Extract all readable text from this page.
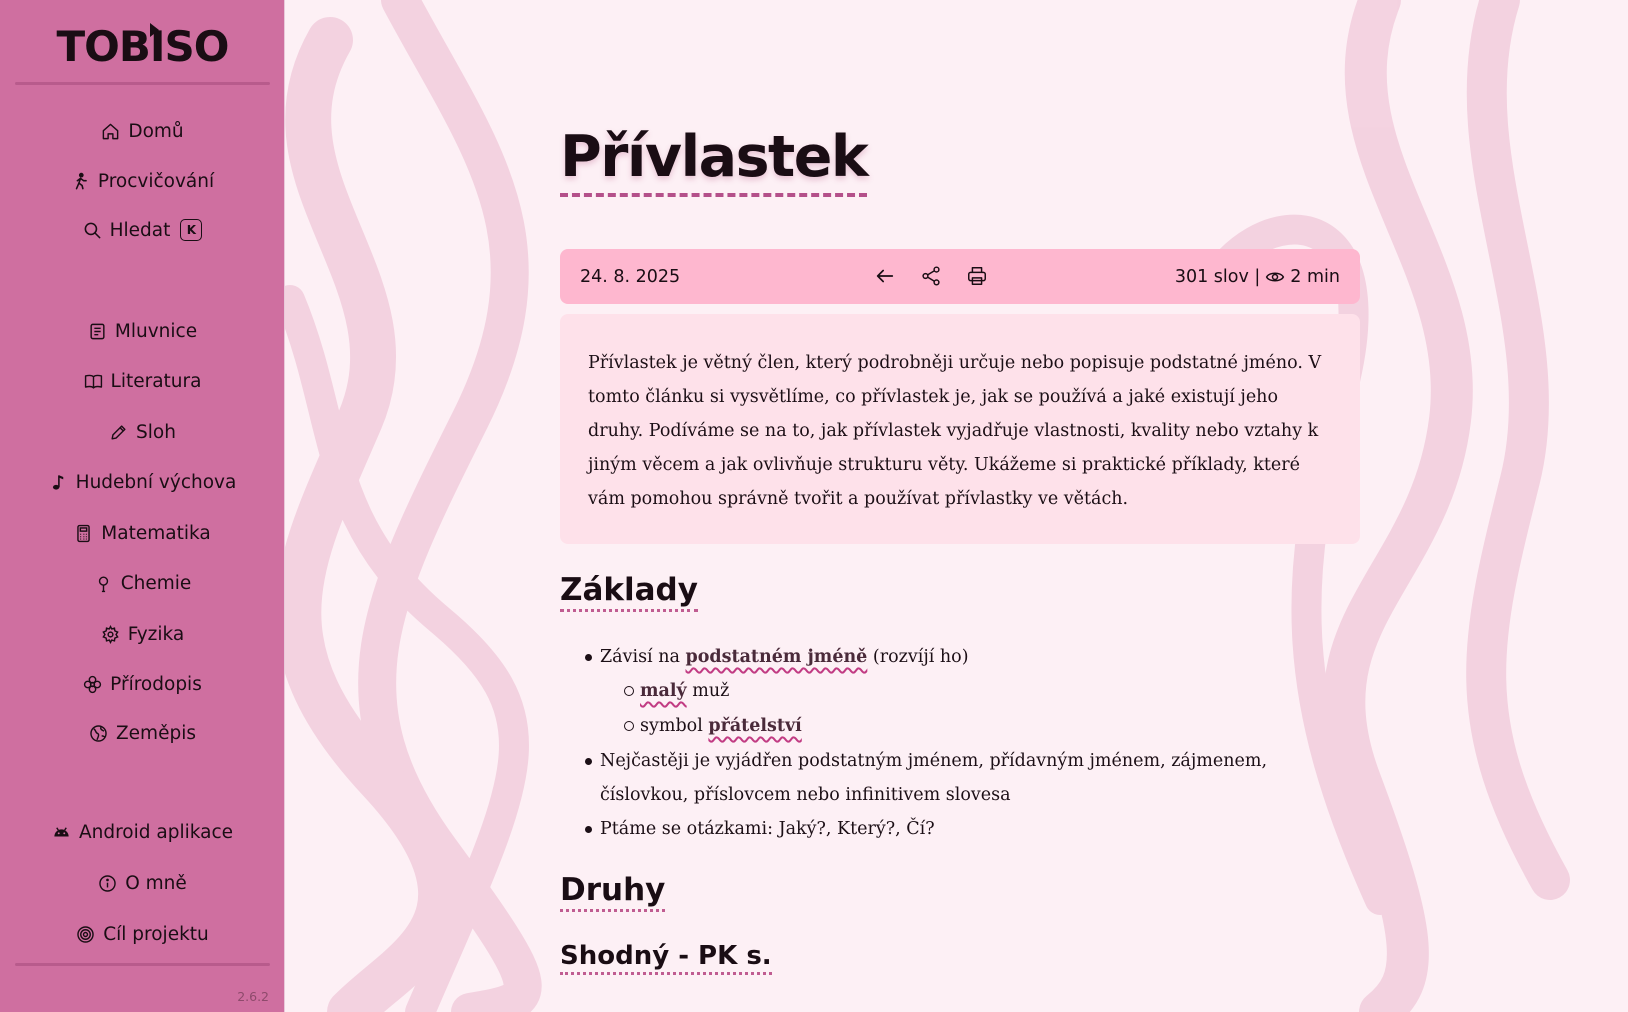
TOBISO
Domů
Procvičování
Hledat	K
Mluvnice
Literatura
Sloh
Hudební výchova
Matematika
Chemie
Fyzika
Přírodopis
Zeměpis
Android aplikace
O mně
Cíl projektu
2.6.2
Přívlastek
24. 8. 2025	301 slov | 2 min

Přívlastek je větný člen, který podrobněji určuje nebo popisuje podstatné jméno. V tomto článku si vysvětlíme, co přívlastek je, jak se používá a jaké existují jeho druhy. Podíváme se na to, jak přívlastek vyjadřuje vlastnosti, kvality nebo vztahy k jiným věcem a jak ovlivňuje strukturu věty. Ukážeme si praktické příklady, které vám pomohou správně tvořit a používat přívlastky ve větách.

Základy
Závisí na podstatném jméně (rozvíjí ho)
malý muž
symbol přátelství
Nejčastěji je vyjádřen podstatným jménem, přídavným jménem, zájmenem, číslovkou, příslovcem nebo infinitivem slovesa
Ptáme se otázkami: Jaký?, Který?, Čí?
Druhy
Shodný - PK s.
